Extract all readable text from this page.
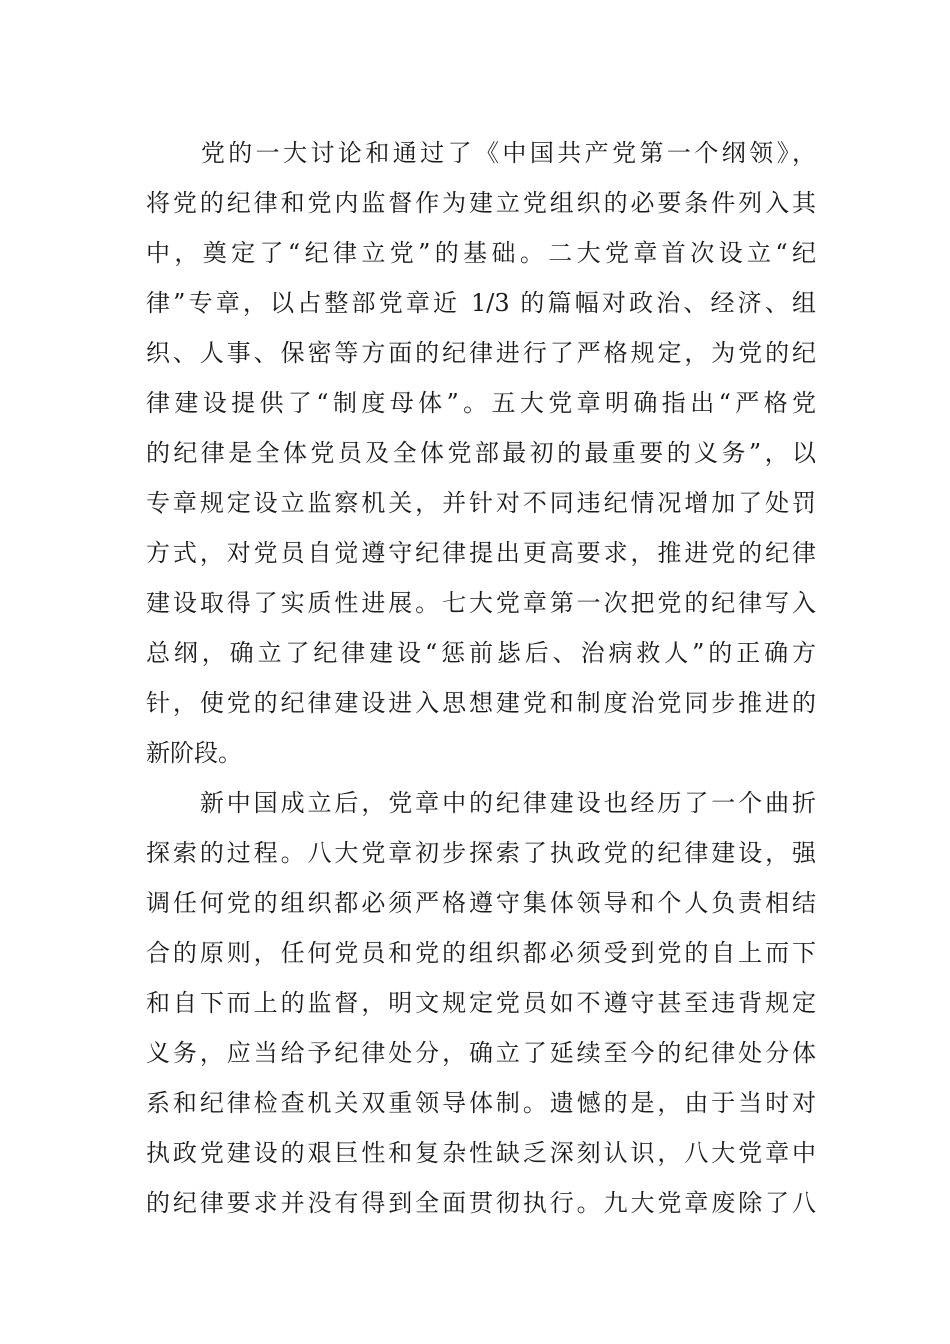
　　党的一大讨论和通过了《中国共产党第一个纲领》，
将党的纪律和党内监督作为建立党组织的必要条件列入其
中，奠定了“纪律立党”的基础。二大党章首次设立“纪
律”专章，以占整部党章近 1/3 的篇幅对政治、经济、组
织、人事、保密等方面的纪律进行了严格规定，为党的纪
律建设提供了“制度母体”。五大党章明确指出“严格党
的纪律是全体党员及全体党部最初的最重要的义务”，以
专章规定设立监察机关，并针对不同违纪情况增加了处罚
方式，对党员自觉遵守纪律提出更高要求，推进党的纪律
建设取得了实质性进展。七大党章第一次把党的纪律写入
总纲，确立了纪律建设“惩前毖后、治病救人”的正确方
针，使党的纪律建设进入思想建党和制度治党同步推进的
新阶段。
　　新中国成立后，党章中的纪律建设也经历了一个曲折
探索的过程。八大党章初步探索了执政党的纪律建设，强
调任何党的组织都必须严格遵守集体领导和个人负责相结
合的原则，任何党员和党的组织都必须受到党的自上而下
和自下而上的监督，明文规定党员如不遵守甚至违背规定
义务，应当给予纪律处分，确立了延续至今的纪律处分体
系和纪律检查机关双重领导体制。遗憾的是，由于当时对
执政党建设的艰巨性和复杂性缺乏深刻认识，八大党章中
的纪律要求并没有得到全面贯彻执行。九大党章废除了八
